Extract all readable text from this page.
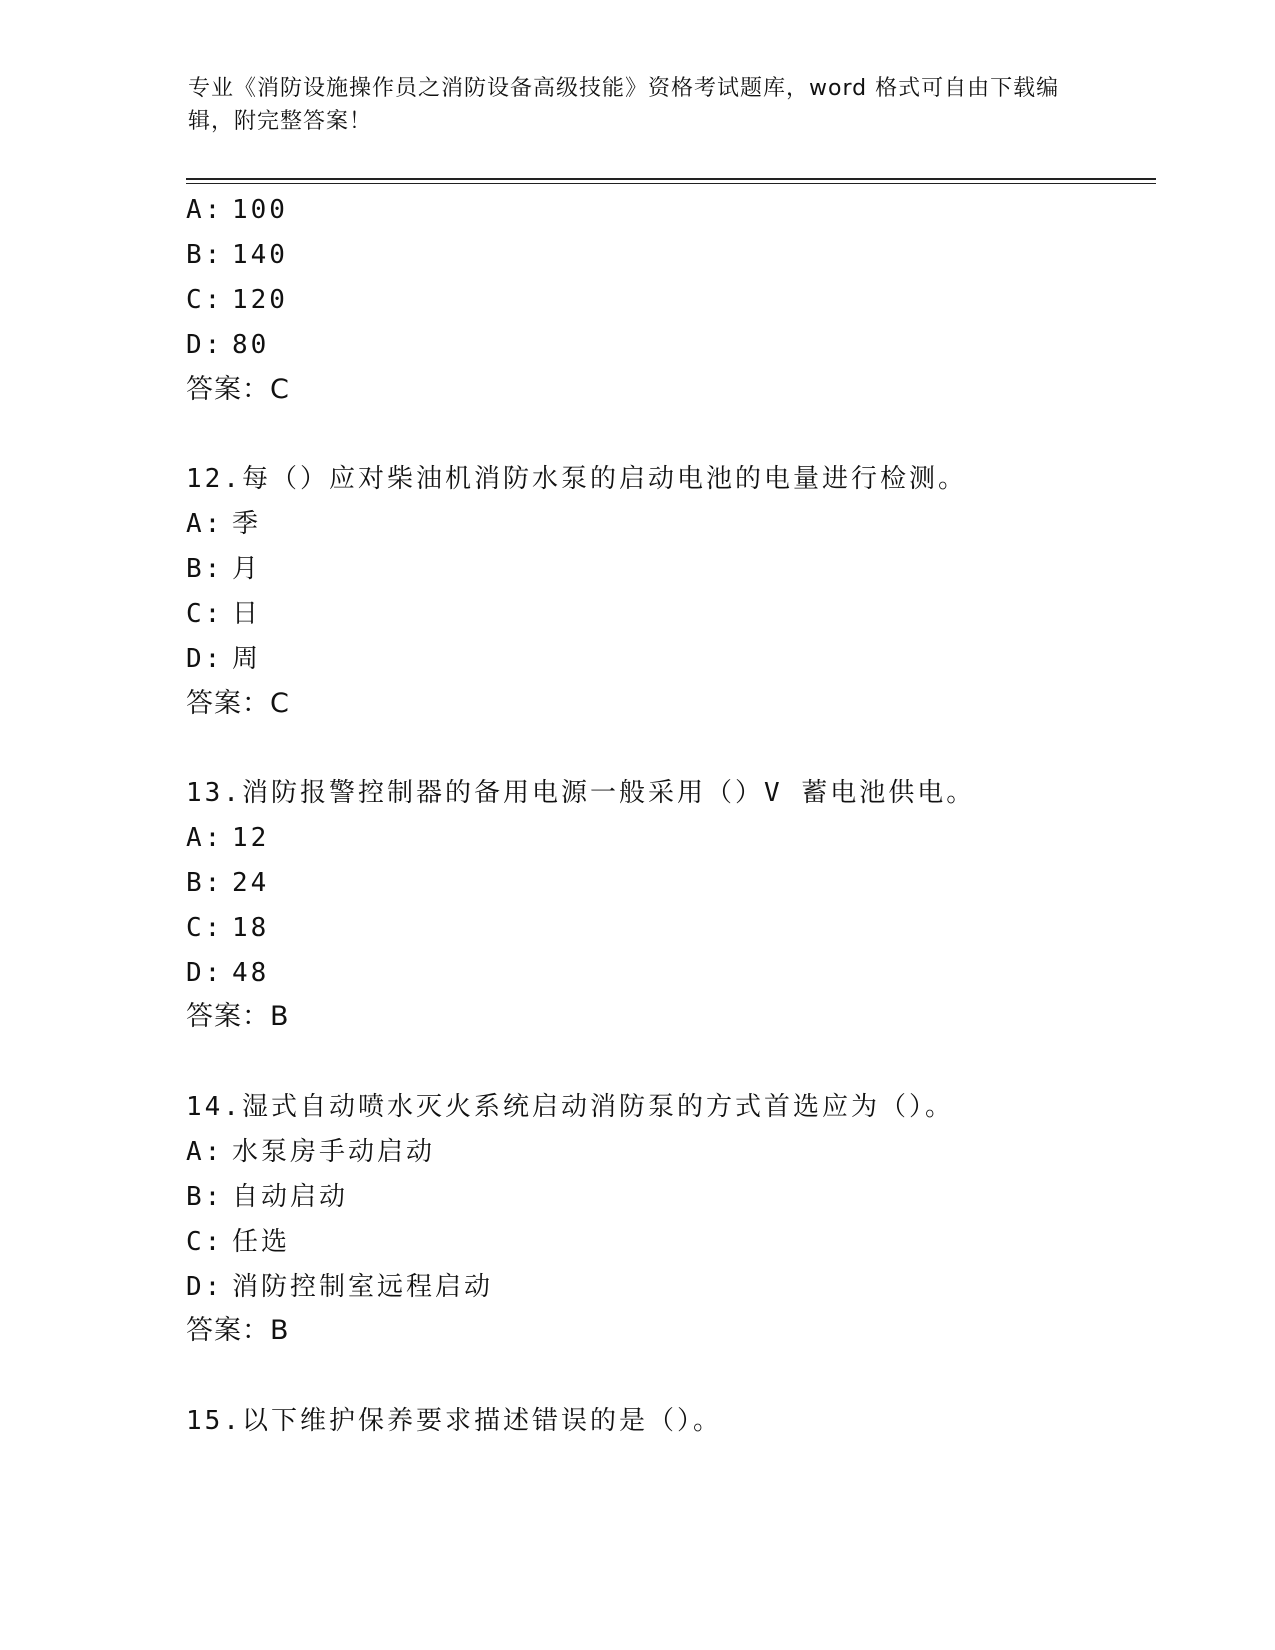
专业《消防设施操作员之消防设备高级技能》资格考试题库，word 格式可自由下载编辑，附完整答案！
A: 100
B: 140
C: 120
D: 80
答案：C
12.每（）应对柴油机消防水泵的启动电池的电量进行检测。
A: 季
B: 月
C: 日
D: 周
答案：C
13.消防报警控制器的备用电源一般采用（）V 蓄电池供电。
A: 12
B: 24
C: 18
D: 48
答案：B
14.湿式自动喷水灭火系统启动消防泵的方式首选应为（）。
A: 水泵房手动启动
B: 自动启动
C: 任选
D: 消防控制室远程启动
答案：B
15.以下维护保养要求描述错误的是（）。
